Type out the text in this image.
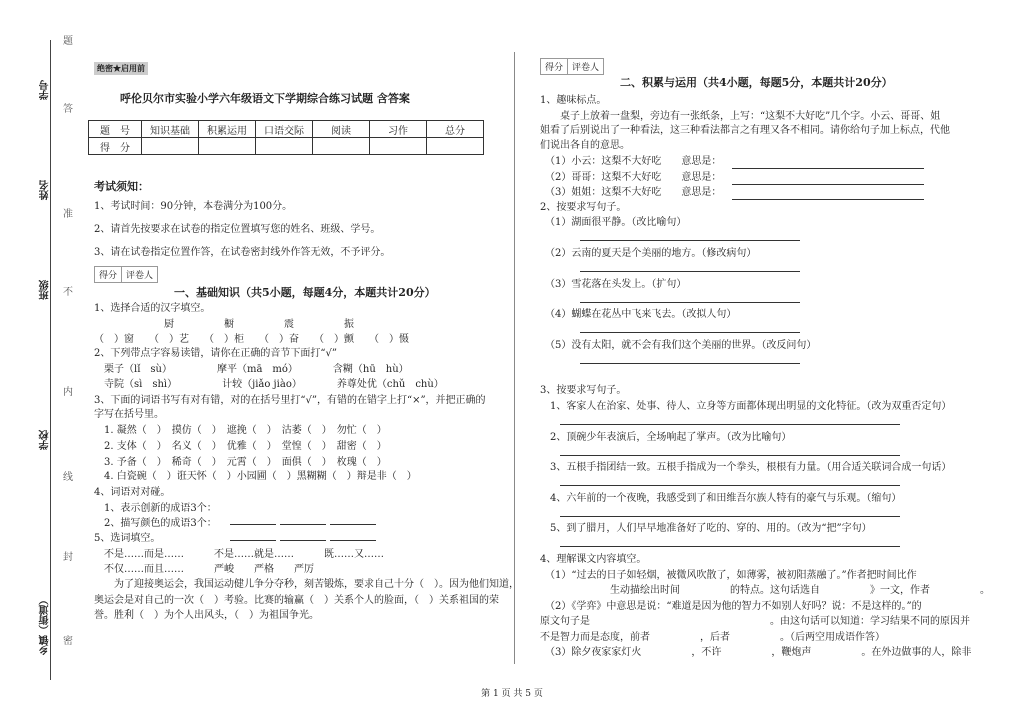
学号
姓名
班级
学校
乡镇（街道）
题
答
准
不
内
线
封
密
绝密★启用前
呼伦贝尔市实验小学六年级语文下学期综合练习试题 含答案
题　号	知识基础	积累运用	口语交际	阅读	习作	总分
得　分						
考试须知：
1、考试时间：90分钟，本卷满分为100分。
2、请首先按要求在试卷的指定位置填写您的姓名、班级、学号。
3、请在试卷指定位置作答，在试卷密封线外作答无效，不予评分。
得分	评卷人
一、基础知识（共5小题，每题4分，本题共计20分）
1、选择合适的汉字填空。
　　　　　　　厨　　　　　橱　　　　　震　　　　　振
（　）窗　　（　）艺　　（　）柜　　（　）奋　　（　）颤　　（　）慑
2、下列带点字容易读错，请你在正确的音节下面打“√”
　栗子（lǐ　sù）　　　　　摩平（mā　mó）　　　　含糊（hū　hù）
　寺院（sì　shì）　　　　　计较（jiǎo jiào）　　　　养尊处优（chǔ　chù）
3、下面的词语书写有对有错，对的在括号里打“√”，有错的在错字上打“×”，并把正确的
字写在括号里。
　1. 凝然（　）　摸仿（　）　遮挽（　）　沽萎（　）　勿忙（　）
　2. 支体（　）　名义（　）　优雅（　）　堂惶（　）　甜密（　）
　3. 予备（　）　稀奇（　）　元霄（　）　面俱（　）　枚瑰（　）
　4. 白瓷碗（　）诳天怀（　）小园圃（　）黑糊糊（　）辩是非（　）
4、词语对对碰。
　1、表示创新的成语3个：
　2、描写颜色的成语3个：
5、选词填空。
　不是……而是……　　　不是……就是……　　　既……又……
　不仅……而且……　　　严峻　　严格　　严厉
　　为了迎接奥运会，我国运动健儿争分夺秒，刻苦锻炼，要求自己十分（　）。因为他们知道，
奥运会是对自己的一次（　）考验。比赛的输赢（　）关系个人的脸面，（　）关系祖国的荣
誉。胜利（　）为个人出风头，（　）为祖国争光。
得分	评卷人
二、积累与运用（共4小题，每题5分，本题共计20分）
1、趣味标点。
　　桌子上放着一盘梨，旁边有一张纸条，上写：“这梨不大好吃”几个字。小云、哥哥、姐
姐看了后别说出了一种看法，这三种看法都言之有理又各不相同。请你给句子加上标点，代他
们说出各自的意思。
　（1）小云：这梨不大好吃　　意思是：
　（2）哥哥：这梨不大好吃　　意思是：
　（3）姐姐：这梨不大好吃　　意思是：
2、按要求写句子。
　（1）湖面很平静。（改比喻句）
　（2）云南的夏天是个美丽的地方。（修改病句）
　（3）雪花落在头发上。（扩句）
　（4）蝴蝶在花丛中飞来飞去。（改拟人句）
　（5）没有太阳，就不会有我们这个美丽的世界。（改反问句）
3、按要求写句子。
　1、客家人在治家、处事、待人、立身等方面都体现出明显的文化特征。（改为双重否定句）
　2、顶碗少年表演后，全场响起了掌声。（改为比喻句）
　3、五根手指团结一致。五根手指成为一个拳头，根根有力量。（用合适关联词合成一句话）
　4、六年前的一个夜晚，我感受到了和田维吾尔族人特有的豪气与乐观。（缩句）
　5、到了腊月，人们早早地准备好了吃的、穿的、用的。（改为“把”字句）
4、理解课文内容填空。
　（1）“过去的日子如轻烟，被微风吹散了，如薄雾，被初阳蒸融了。”作者把时间比作
　　　　　　　生动描绘出时间　　　　　的特点。这句话选自　　　　　》一文，作者　　　　　。
　（2）《学弈》中意思是说：“难道是因为他的智力不如别人好吗？说：不是这样的。”的
原文句子是　　　　　　　　　　　　　　　　　　。由这句话可以知道：学习结果不同的原因并
不是智力而是态度，前者　　　　　，后者　　　　　。（后两空用成语作答）
　（3）除夕夜家家灯火　　　　　，不许　　　　　，鞭炮声　　　　　。在外边做事的人，除非
第 1 页 共 5 页
